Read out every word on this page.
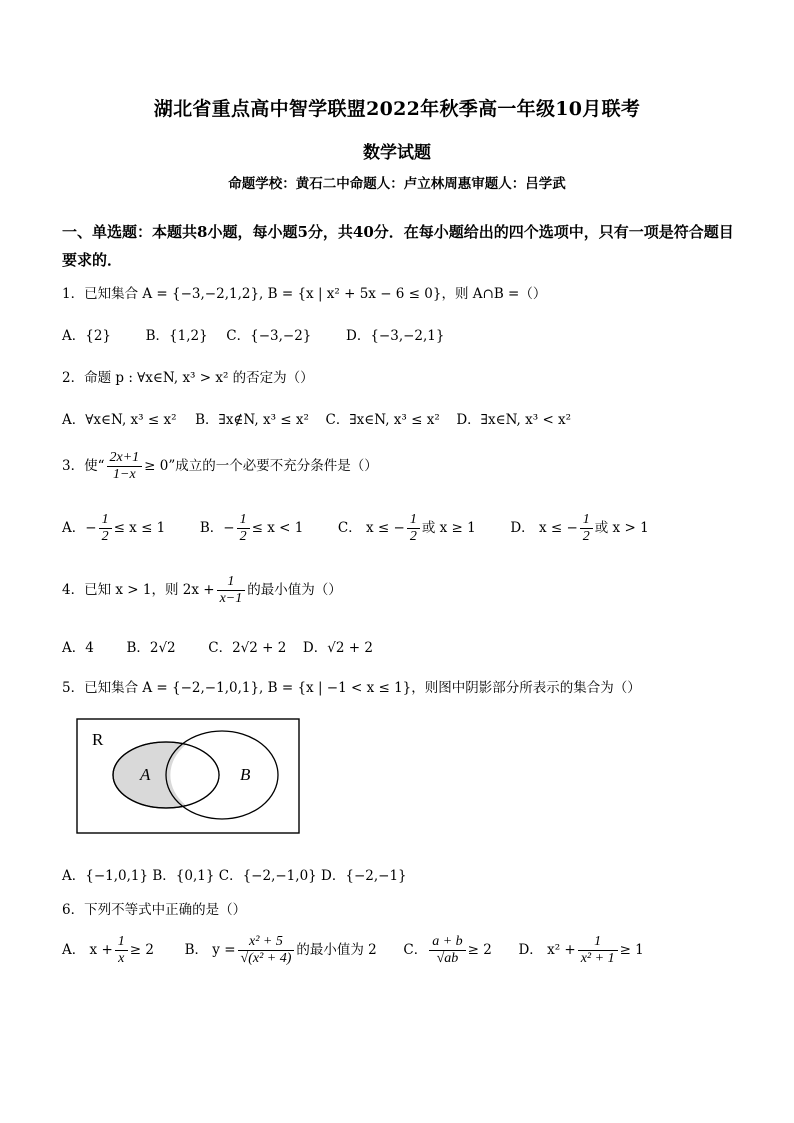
湖北省重点高中智学联盟2022年秋季高一年级10月联考
数学试题
命题学校：黄石二中命题人：卢立林周惠审题人：吕学武
一、单选题：本题共8小题，每小题5分，共40分．在每小题给出的四个选项中，只有一项是符合题目要求的．
1．已知集合 A = {−3,−2,1,2}, B = {x | x² + 5x − 6 ≤ 0}，则 A∩B =（）
A．{2}	B．{1,2} C．{−3,−2}	D．{−3,−2,1}
2．命题 p : ∀x∈N, x³ > x² 的否定为（）
A．∀x∈N, x³ ≤ x² B．∃x∉N, x³ ≤ x² C．∃x∈N, x³ ≤ x² D．∃x∈N, x³ < x²
3．使“ $\frac{2x+1}{1-x} \ge 0$”成立的一个必要不充分条件是（）
A．− $\frac{1}{2} \le x \le 1$	B．− $\frac{1}{2} \le x < 1$	C． x ≤ − $\frac{1}{2}$ 或 x ≥ 1	D． x ≤ − $\frac{1}{2}$ 或 x > 1
4．已知 x > 1，则 $2x + \frac{1}{x-1}$ 的最小值为（）
A．4 B．2√2 C．2√2 + 2 D．√2 + 2
5．已知集合 A = {−2,−1,0,1}, B = {x | −1 < x ≤ 1}，则图中阴影部分所表示的集合为（）
R
A	B
A．{−1,0,1} B．{0,1} C．{−2,−1,0} D．{−2,−1}
6．下列不等式中正确的是（）
A． $x + \frac{1}{x} \ge 2$ B． $y = \frac{\text{x² + 5}}{\text{√(x² + 4)}}$ 的最小值为 2 C． $\frac{a + b}{√ab} \ge 2$ D． $x^2 + \frac{1}{\text{x² + 1}} \ge 1$
